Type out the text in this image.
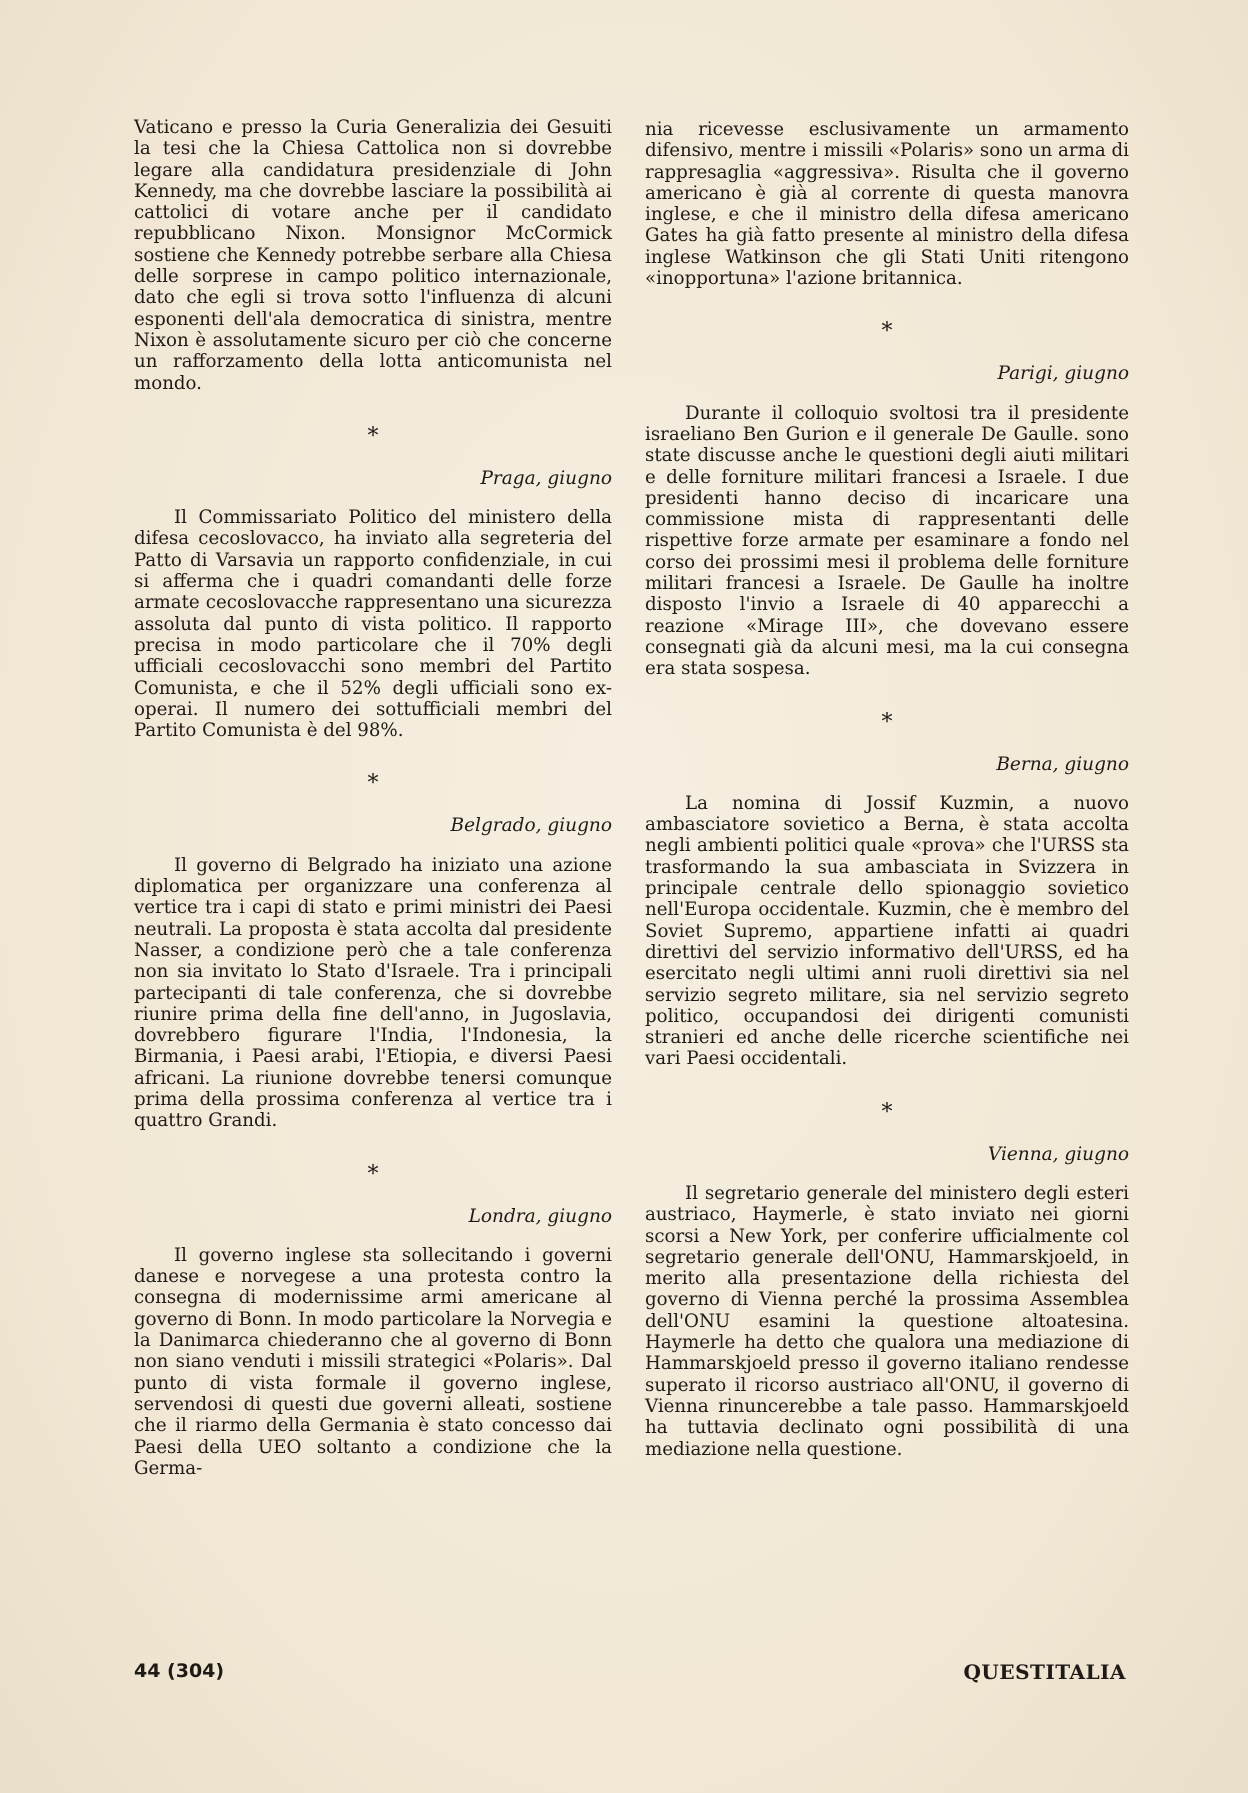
Vaticano e presso la Curia Generalizia dei Gesuiti la tesi che la Chiesa Cattolica non si dovrebbe legare alla candidatura presidenziale di John Kennedy, ma che dovrebbe lasciare la possibilità ai cattolici di votare anche per il candidato repubblicano Nixon. Monsignor McCormick sostiene che Kennedy potrebbe serbare alla Chiesa delle sorprese in campo politico internazionale, dato che egli si trova sotto l'influenza di alcuni esponenti dell'ala democratica di sinistra, mentre Nixon è assolutamente sicuro per ciò che concerne un rafforzamento della lotta anticomunista nel mondo.

*
Praga, giugno

Il Commissariato Politico del ministero della difesa cecoslovacco, ha inviato alla segreteria del Patto di Varsavia un rapporto confidenziale, in cui si afferma che i quadri comandanti delle forze armate cecoslovacche rappresentano una sicurezza assoluta dal punto di vista politico. Il rapporto precisa in modo particolare che il 70% degli ufficiali cecoslovacchi sono membri del Partito Comunista, e che il 52% degli ufficiali sono ex-operai. Il numero dei sottufficiali membri del Partito Comunista è del 98%.

*
Belgrado, giugno

Il governo di Belgrado ha iniziato una azione diplomatica per organizzare una conferenza al vertice tra i capi di stato e primi ministri dei Paesi neutrali. La proposta è stata accolta dal presidente Nasser, a condizione però che a tale conferenza non sia invitato lo Stato d'Israele. Tra i principali partecipanti di tale conferenza, che si dovrebbe riunire prima della fine dell'anno, in Jugoslavia, dovrebbero figurare l'India, l'Indonesia, la Birmania, i Paesi arabi, l'Etiopia, e diversi Paesi africani. La riunione dovrebbe tenersi comunque prima della prossima conferenza al vertice tra i quattro Grandi.

*
Londra, giugno

Il governo inglese sta sollecitando i governi danese e norvegese a una protesta contro la consegna di modernissime armi americane al governo di Bonn. In modo particolare la Norvegia e la Danimarca chiederanno che al governo di Bonn non siano venduti i missili strategici «Polaris». Dal punto di vista formale il governo inglese, servendosi di questi due governi alleati, sostiene che il riarmo della Germania è stato concesso dai Paesi della UEO soltanto a condizione che la Germa-

nia ricevesse esclusivamente un armamento difensivo, mentre i missili «Polaris» sono un arma di rappresaglia «aggressiva». Risulta che il governo americano è già al corrente di questa manovra inglese, e che il ministro della difesa americano Gates ha già fatto presente al ministro della difesa inglese Watkinson che gli Stati Uniti ritengono «inopportuna» l'azione britannica.

*
Parigi, giugno

Durante il colloquio svoltosi tra il presidente israeliano Ben Gurion e il generale De Gaulle. sono state discusse anche le questioni degli aiuti militari e delle forniture militari francesi a Israele. I due presidenti hanno deciso di incaricare una commissione mista di rappresentanti delle rispettive forze armate per esaminare a fondo nel corso dei prossimi mesi il problema delle forniture militari francesi a Israele. De Gaulle ha inoltre disposto l'invio a Israele di 40 apparecchi a reazione «Mirage III», che dovevano essere consegnati già da alcuni mesi, ma la cui consegna era stata sospesa.

*
Berna, giugno

La nomina di Jossif Kuzmin, a nuovo ambasciatore sovietico a Berna, è stata accolta negli ambienti politici quale «prova» che l'URSS sta trasformando la sua ambasciata in Svizzera in principale centrale dello spionaggio sovietico nell'Europa occidentale. Kuzmin, che è membro del Soviet Supremo, appartiene infatti ai quadri direttivi del servizio informativo dell'URSS, ed ha esercitato negli ultimi anni ruoli direttivi sia nel servizio segreto militare, sia nel servizio segreto politico, occupandosi dei dirigenti comunisti stranieri ed anche delle ricerche scientifiche nei vari Paesi occidentali.

*
Vienna, giugno

Il segretario generale del ministero degli esteri austriaco, Haymerle, è stato inviato nei giorni scorsi a New York, per conferire ufficialmente col segretario generale dell'ONU, Hammarskjoeld, in merito alla presentazione della richiesta del governo di Vienna perché la prossima Assemblea dell'ONU esamini la questione altoatesina. Haymerle ha detto che qualora una mediazione di Hammarskjoeld presso il governo italiano rendesse superato il ricorso austriaco all'ONU, il governo di Vienna rinuncerebbe a tale passo. Hammarskjoeld ha tuttavia declinato ogni possibilità di una mediazione nella questione.

44 (304)	QUESTITALIA
